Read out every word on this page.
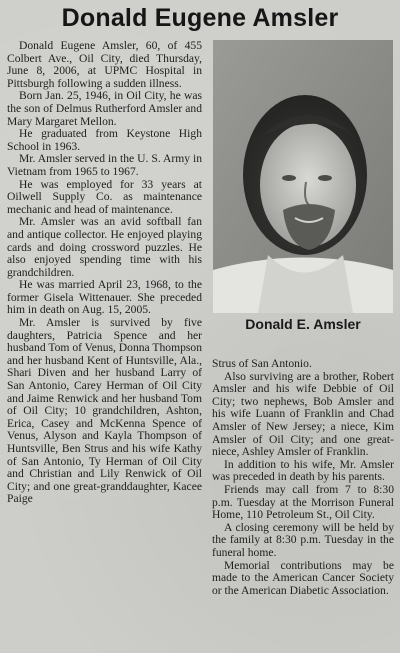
Donald Eugene Amsler

Donald Eugene Amsler, 60, of 455 Colbert Ave., Oil City, died Thursday, June 8, 2006, at UPMC Hospital in Pittsburgh following a sudden illness.

Born Jan. 25, 1946, in Oil City, he was the son of Delmus Rutherford Amsler and Mary Margaret Mellon.

He graduated from Keystone High School in 1963.

Mr. Amsler served in the U. S. Army in Vietnam from 1965 to 1967.

He was employed for 33 years at Oilwell Supply Co. as maintenance mechanic and head of maintenance.

Mr. Amsler was an avid softball fan and antique collector. He enjoyed playing cards and doing crossword puzzles. He also enjoyed spending time with his grandchildren.

He was married April 23, 1968, to the former Gisela Wittenauer. She preceded him in death on Aug. 15, 2005.

Mr. Amsler is survived by five daughters, Patricia Spence and her husband Tom of Venus, Donna Thompson and her husband Kent of Huntsville, Ala., Shari Diven and her husband Larry of San Antonio, Carey Herman of Oil City and Jaime Renwick and her husband Tom of Oil City; 10 grandchildren, Ashton, Erica, Casey and McKenna Spence of Venus, Alyson and Kayla Thompson of Huntsville, Ben Strus and his wife Kathy of San Antonio, Ty Herman of Oil City and Christian and Lily Renwick of Oil City; and one great-granddaughter, Kacee Paige

Donald E. Amsler

Strus of San Antonio.

Also surviving are a brother, Robert Amsler and his wife Debbie of Oil City; two nephews, Bob Amsler and his wife Luann of Franklin and Chad Amsler of New Jersey; a niece, Kim Amsler of Oil City; and one great-niece, Ashley Amsler of Franklin.

In addition to his wife, Mr. Amsler was preceded in death by his parents.

Friends may call from 7 to 8:30 p.m. Tuesday at the Morrison Funeral Home, 110 Petroleum St., Oil City.

A closing ceremony will be held by the family at 8:30 p.m. Tuesday in the funeral home.

Memorial contributions may be made to the American Cancer Society or the American Diabetic Association.
